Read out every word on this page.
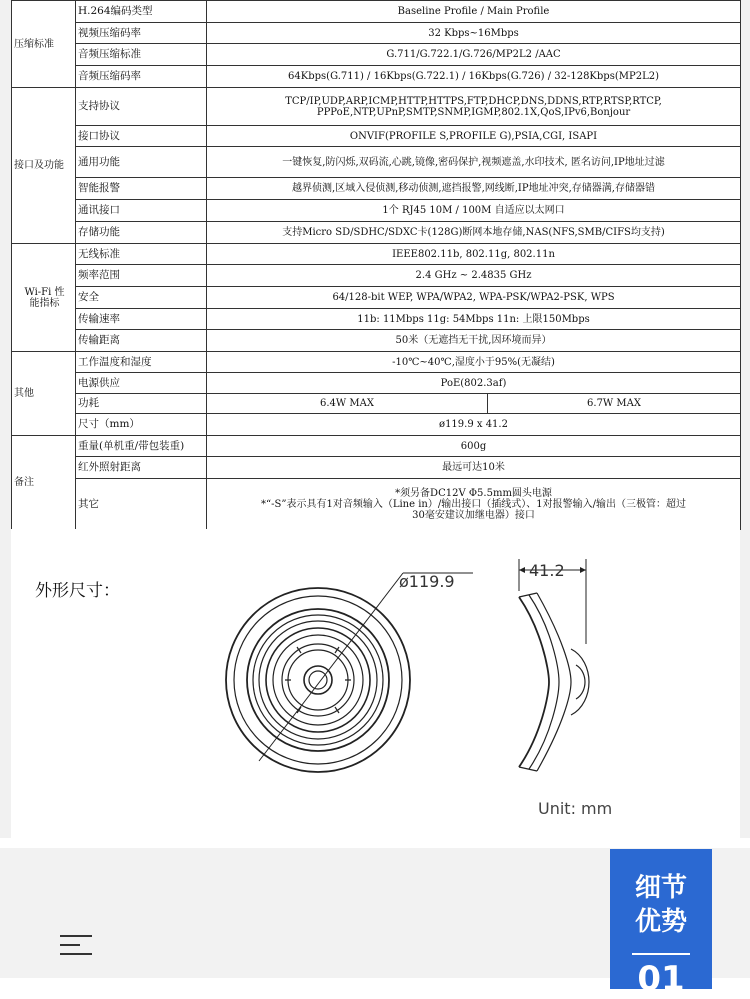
压缩标准	H.264编码类型	Baseline Profile / Main Profile	
	视频压缩码率	32 Kbps~16Mbps	
	音频压缩标准	G.711/G.722.1/G.726/MP2L2 /AAC	
	音频压缩码率	64Kbps(G.711) / 16Kbps(G.722.1) / 16Kbps(G.726) / 32-128Kbps(MP2L2)	
接口及功能	支持协议	TCP/IP,UDP,ARP,ICMP,HTTP,HTTPS,FTP,DHCP,DNS,DDNS,RTP,RTSP,RTCP,
PPPoE,NTP,UPnP,SMTP,SNMP,IGMP,802.1X,QoS,IPv6,Bonjour	

	接口协议	ONVIF(PROFILE S,PROFILE G),PSIA,CGI, ISAPI	
	通用功能	一键恢复,防闪烁,双码流,心跳,镜像,密码保护,视频遮盖,水印技术, 匿名访问,IP地址过滤	
	智能报警	越界侦测,区域入侵侦测,移动侦测,遮挡报警,网线断,IP地址冲突,存储器满,存储器错	
	通讯接口	1个 RJ45 10M / 100M 自适应以太网口	
	存储功能	支持Micro SD/SDHC/SDXC卡(128G)断网本地存储,NAS(NFS,SMB/CIFS均支持)	

Wi-Fi 性
能指标	无线标准	IEEE802.11b, 802.11g, 802.11n	
	频率范围	2.4 GHz ~ 2.4835 GHz	
	安全	64/128-bit WEP, WPA/WPA2, WPA-PSK/WPA2-PSK, WPS	
	传输速率	11b: 11Mbps 11g: 54Mbps 11n: 上限150Mbps	
	传输距离	50米（无遮挡无干扰,因环境而异）	
其他	工作温度和湿度	-10℃~40℃,湿度小于95%(无凝结)	
	电源供应	PoE(802.3af)	
	功耗	6.4W MAX	6.7W MAX
	尺寸（mm）	ø119.9 x 41.2	
备注	重量(单机重/带包装重)	600g	
	红外照射距离	最远可达10米	
	其它	*须另备DC12V Φ5.5mm圆头电源
*“-S”表示具有1对音频输入（Line in）/输出接口（插线式）、1对报警输入/输出（三极管：超过
30毫安建议加继电器）接口	
外形尺寸：	ø119.9
41.2
Unit: mm
细节
优势
01
